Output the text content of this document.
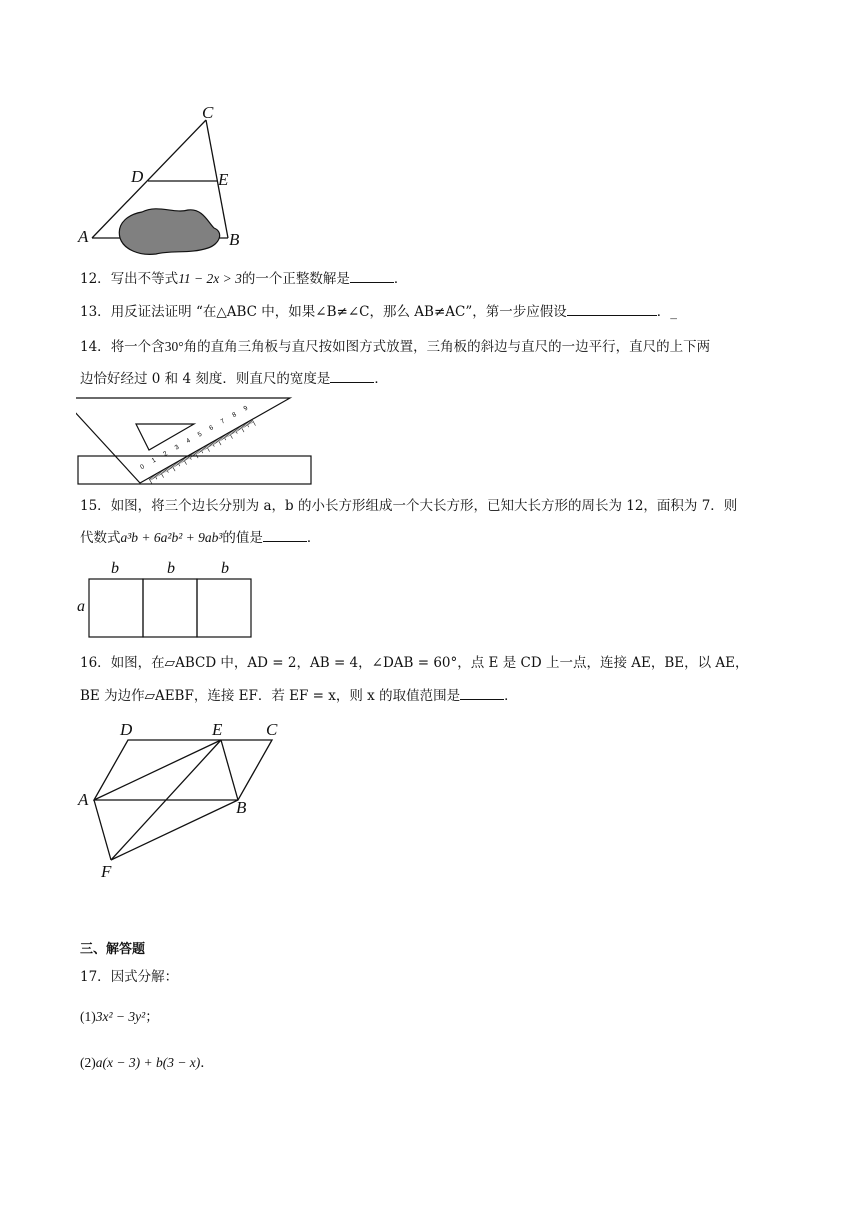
C
D	E
A	B
12．写出不等式11 − 2x > 3的一个正整数解是	．
13．用反证法证明 “在△ABC 中，如果∠B≠∠C，那么 AB≠AC”，第一步应假设	．_
14．将一个含30°角的直角三角板与直尺按如图方式放置，三角板的斜边与直尺的一边平行，直尺的上下两
边恰好经过 0 和 4 刻度．则直尺的宽度是	．
0
1
2
3
4
5
6
7
8
9
15．如图，将三个边长分别为 a，b 的小长方形组成一个大长方形，已知大长方形的周长为 12，面积为 7．则
代数式a³b + 6a²b² + 9ab³的值是	．
b	b	b
a
16．如图，在▱ABCD 中，AD = 2，AB = 4，∠DAB = 60°，点 E 是 CD 上一点，连接 AE，BE，以 AE，
BE 为边作▱AEBF，连接 EF．若 EF = x，则 x 的取值范围是	．
D	E	C
A	B
F
三、解答题
17．因式分解：
(1)3x² − 3y²；
(2)a(x − 3) + b(3 − x)．
